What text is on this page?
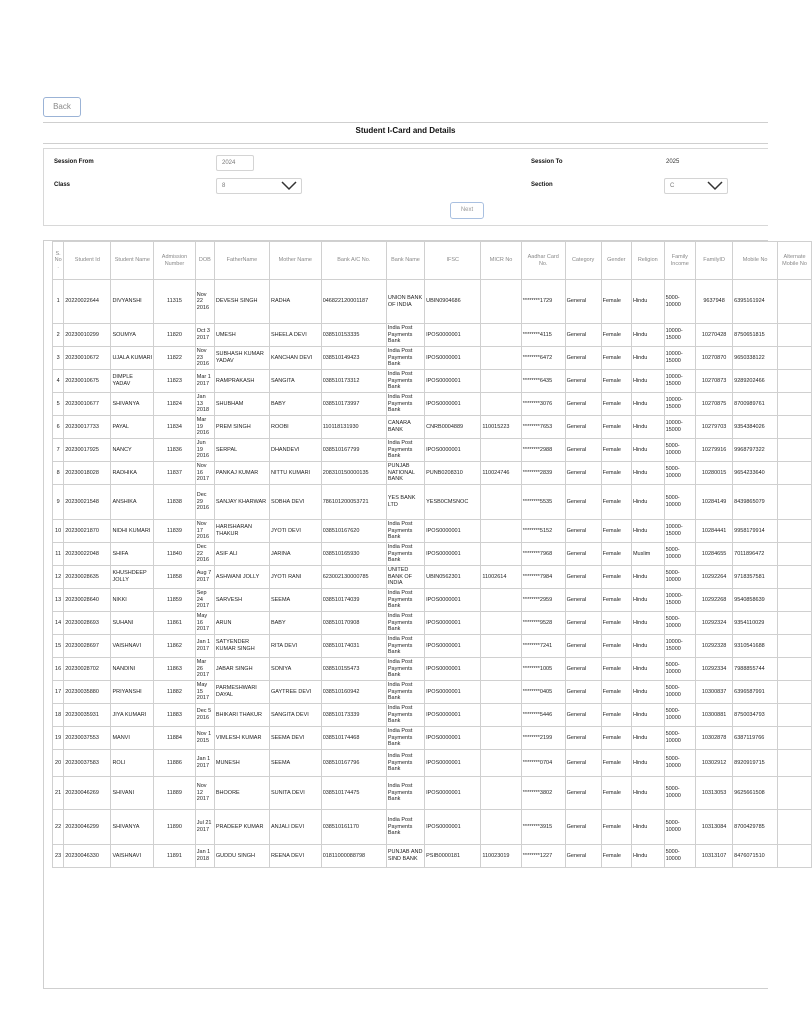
Back
Student I-Card and Details
Session From	2024	Session To	2025
Class	8	Section	C
Next
S. No.	Student Id	Student Name	Admission Number	DOB	FatherName	Mother Name	Bank A/C No.	Bank Name	IFSC	MICR No	Aadhar Card No.	Category	Gender	Religion	Family Income	FamilyID	Mobile No	Alternate Mobile No
1	20220022644	DIVYANSHI	11315	Nov 22 2016	DEVESH SINGH	RADHA	046822120001187	UNION BANK OF INDIA	UBIN0904686		********1729	General	Female	Hindu	5000-10000	9637948	6395161924	
2	20230010299	SOUMYA	11820	Oct 3 2017	UMESH	SHEELA DEVI	038510153335	India Post Payments Bank	IPOS0000001		********4115	General	Female	Hindu	10000-15000	10270428	8750651815	
3	20230010672	UJALA KUMARI	11822	Nov 23 2016	SUBHASH KUMAR YADAV	KANCHAN DEVI	038510149423	India Post Payments Bank	IPOS0000001		********6472	General	Female	Hindu	10000-15000	10270870	9650338122	
4	20230010675	DIMPLE YADAV	11823	Mar 1 2017	RAMPRAKASH	SANGITA	038510173312	India Post Payments Bank	IPOS0000001		********6435	General	Female	Hindu	10000-15000	10270873	9289202466	
5	20230010677	SHIVANYA	11824	Jan 13 2018	SHUBHAM	BABY	038510173997	India Post Payments Bank	IPOS0000001		********3076	General	Female	Hindu	10000-15000	10270875	8700989761	
6	20230017733	PAYAL	11834	Mar 19 2016	PREM SINGH	ROOBI	110118131930	CANARA BANK	CNRB0004889	110015223	********7653	General	Female	Hindu	10000-15000	10279703	9354384026	
7	20230017925	NANCY	11836	Jun 19 2016	SERPAL	DHANDEVI	038510167799	India Post Payments Bank	IPOS0000001		********2988	General	Female	Hindu	5000-10000	10279916	9968797322	
8	20230018028	RADHIKA	11837	Nov 16 2017	PANKAJ KUMAR	NITTU KUMARI	208310150000135	PUNJAB NATIONAL BANK	PUNB0208310	110024746	********2839	General	Female	Hindu	5000-10000	10280015	9654233640	
9	20230021548	ANSHIKA	11838	Dec 29 2016	SANJAY KHARWAR	SOBHA DEVI	786101200053721	YES BANK LTD	YESB0CMSNOC		********5535	General	Female	Hindu	5000-10000	10284149	8439865079	
10	20230021870	NIDHI KUMARI	11839	Nov 17 2016	HARISHARAN THAKUR	JYOTI DEVI	038510167620	India Post Payments Bank	IPOS0000001		********5152	General	Female	Hindu	10000-15000	10284441	9958179914	
11	20230022048	SHIFA	11840	Dec 22 2016	ASIF ALI	JARINA	038510165930	India Post Payments Bank	IPOS0000001		********7968	General	Female	Muslim	5000-10000	10284655	7011896472	
12	20230028635	KHUSHDEEP JOLLY	11858	Aug 7 2017	ASHWANI JOLLY	JYOTI RANI	623002130000785	UNITED BANK OF INDIA	UBIN0562301	11002614	********7984	General	Female	Hindu	5000-10000	10292264	9718357581	
13	20230028640	NIKKI	11859	Sep 24 2017	SARVESH	SEEMA	038510174039	India Post Payments Bank	IPOS0000001		********2959	General	Female	Hindu	10000-15000	10292268	9540858639	
14	20230028693	SUHANI	11861	May 16 2017	ARUN	BABY	038510170908	India Post Payments Bank	IPOS0000001		********9528	General	Female	Hindu	5000-10000	10292324	9354110029	
15	20230028697	VAISHNAVI	11862	Jan 1 2017	SATYENDER KUMAR SINGH	RITA DEVI	038510174031	India Post Payments Bank	IPOS0000001		********7241	General	Female	Hindu	10000-15000	10292328	9310541688	
16	20230028702	NANDINI	11863	Mar 26 2017	JABAR SINGH	SONIYA	038510155473	India Post Payments Bank	IPOS0000001		********1005	General	Female	Hindu	5000-10000	10292334	7988855744	
17	20230035880	PRIYANSHI	11882	May 15 2017	PARMESHWARI DAYAL	GAYTREE DEVI	038510160942	India Post Payments Bank	IPOS0000001		********0405	General	Female	Hindu	5000-10000	10300837	6396587991	
18	20230035931	JIYA KUMARI	11883	Dec 5 2016	BHIKARI THAKUR	SANGITA DEVI	038510173339	India Post Payments Bank	IPOS0000001		********5446	General	Female	Hindu	5000-10000	10300881	8750034793	
19	20230037553	MANVI	11884	Nov 1 2015	VIMLESH KUMAR	SEEMA DEVI	038510174468	India Post Payments Bank	IPOS0000001		********2199	General	Female	Hindu	5000-10000	10302878	6387119766	
20	20230037583	ROLI	11886	Jan 1 2017	MUNESH	SEEMA	038510167796	India Post Payments Bank	IPOS0000001		********0704	General	Female	Hindu	5000-10000	10302912	8920919715	
21	20230046269	SHIVANI	11889	Nov 12 2017	BHOORE	SUNITA DEVI	038510174475	India Post Payments Bank	IPOS0000001		********3802	General	Female	Hindu	5000-10000	10313053	9625661508	
22	20230046299	SHIVANYA	11890	Jul 21 2017	PRADEEP KUMAR	ANJALI DEVI	038510161170	India Post Payments Bank	IPOS0000001		********3915	General	Female	Hindu	5000-10000	10313084	8700429785	
23	20230046330	VAISHNAVI	11891	Jan 1 2018	GUDDU SINGH	REENA DEVI	01811000088798	PUNJAB AND SIND BANK	PSIB0000181	110023019	********1227	General	Female	Hindu	5000-10000	10313107	8476071510	
